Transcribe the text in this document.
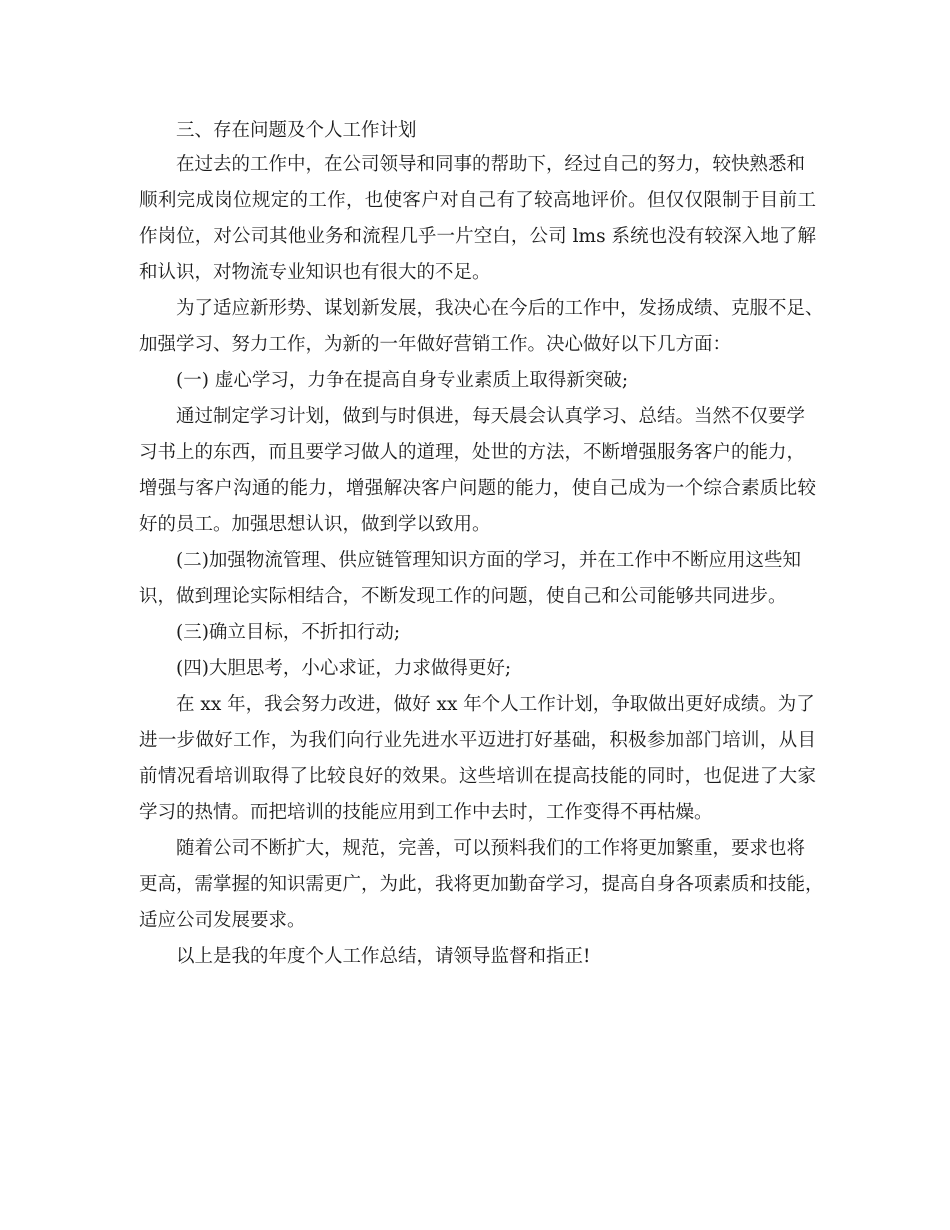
三、存在问题及个人工作计划
在过去的工作中，在公司领导和同事的帮助下，经过自己的努力，较快熟悉和
顺利完成岗位规定的工作，也使客户对自己有了较高地评价。但仅仅限制于目前工
作岗位，对公司其他业务和流程几乎一片空白，公司 lms 系统也没有较深入地了解
和认识，对物流专业知识也有很大的不足。
为了适应新形势、谋划新发展，我决心在今后的工作中，发扬成绩、克服不足、
加强学习、努力工作，为新的一年做好营销工作。决心做好以下几方面：
(一) 虚心学习，力争在提高自身专业素质上取得新突破;
通过制定学习计划，做到与时俱进，每天晨会认真学习、总结。当然不仅要学
习书上的东西，而且要学习做人的道理，处世的方法，不断增强服务客户的能力，
增强与客户沟通的能力，增强解决客户问题的能力，使自己成为一个综合素质比较
好的员工。加强思想认识，做到学以致用。
(二)加强物流管理、供应链管理知识方面的学习，并在工作中不断应用这些知
识，做到理论实际相结合，不断发现工作的问题，使自己和公司能够共同进步。
(三)确立目标，不折扣行动;
(四)大胆思考，小心求证，力求做得更好;
在 xx 年，我会努力改进，做好 xx 年个人工作计划，争取做出更好成绩。为了
进一步做好工作，为我们向行业先进水平迈进打好基础，积极参加部门培训，从目
前情况看培训取得了比较良好的效果。这些培训在提高技能的同时，也促进了大家
学习的热情。而把培训的技能应用到工作中去时，工作变得不再枯燥。
随着公司不断扩大，规范，完善，可以预料我们的工作将更加繁重，要求也将
更高，需掌握的知识需更广，为此，我将更加勤奋学习，提高自身各项素质和技能，
适应公司发展要求。
以上是我的年度个人工作总结，请领导监督和指正!
